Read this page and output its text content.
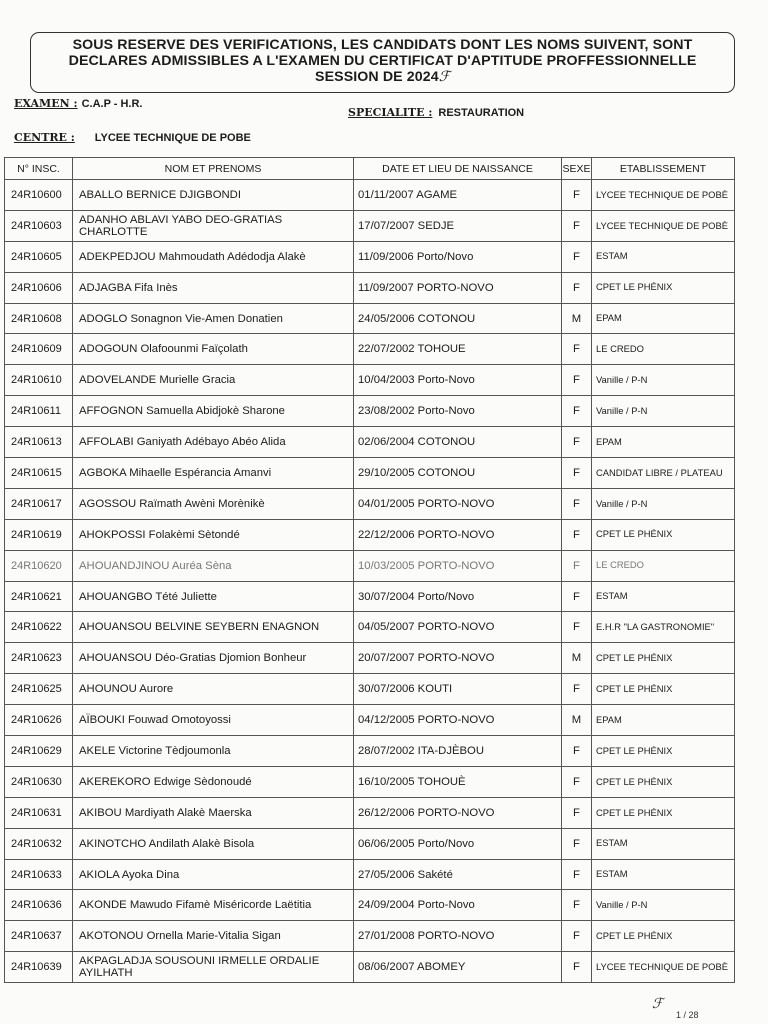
SOUS RESERVE DES VERIFICATIONS, LES CANDIDATS DONT LES NOMS SUIVENT, SONT
DECLARES ADMISSIBLES A L'EXAMEN DU CERTIFICAT D'APTITUDE PROFFESSIONNELLE
SESSION DE 2024ℱ
EXAMEN : C.A.P - H.R.
SPECIALITE : RESTAURATION
CENTRE : LYCEE TECHNIQUE DE POBE
N° INSC.	NOM ET PRENOMS	DATE ET LIEU DE NAISSANCE	SEXE	ETABLISSEMENT
24R10600	ABALLO BERNICE DJIGBONDI	01/11/2007 AGAME	F	LYCEE TECHNIQUE DE POBÈ
24R10603	ADANHO ABLAVI YABO DEO-GRATIAS CHARLOTTE	17/07/2007 SEDJE	F	LYCEE TECHNIQUE DE POBÈ
24R10605	ADEKPEDJOU Mahmoudath Adédodja Alakè	11/09/2006 Porto/Novo	F	ESTAM
24R10606	ADJAGBA Fifa Inès	11/09/2007 PORTO-NOVO	F	CPET LE PHÉNIX
24R10608	ADOGLO Sonagnon Vie-Amen Donatien	24/05/2006 COTONOU	M	EPAM
24R10609	ADOGOUN Olafoounmi Faïçolath	22/07/2002 TOHOUE	F	LE CREDO
24R10610	ADOVELANDE Murielle Gracia	10/04/2003 Porto-Novo	F	Vanille / P-N
24R10611	AFFOGNON Samuella Abidjokè Sharone	23/08/2002 Porto-Novo	F	Vanille / P-N
24R10613	AFFOLABI Ganiyath Adébayo Abéo Alida	02/06/2004 COTONOU	F	EPAM
24R10615	AGBOKA Mihaelle Espérancia Amanvi	29/10/2005 COTONOU	F	CANDIDAT LIBRE / PLATEAU
24R10617	AGOSSOU Raïmath Awèni Morènikè	04/01/2005 PORTO-NOVO	F	Vanille / P-N
24R10619	AHOKPOSSI Folakèmi Sètondé	22/12/2006 PORTO-NOVO	F	CPET LE PHÉNIX
24R10620	AHOUANDJINOU Auréa Sèna	10/03/2005 PORTO-NOVO	F	LE CREDO
24R10621	AHOUANGBO Tété Juliette	30/07/2004 Porto/Novo	F	ESTAM
24R10622	AHOUANSOU BELVINE SEYBERN ENAGNON	04/05/2007 PORTO-NOVO	F	E.H.R "LA GASTRONOMIE"
24R10623	AHOUANSOU Déo-Gratias Djomion Bonheur	20/07/2007 PORTO-NOVO	M	CPET LE PHÉNIX
24R10625	AHOUNOU Aurore	30/07/2006 KOUTI	F	CPET LE PHÉNIX
24R10626	AÏBOUKI Fouwad Omotoyossi	04/12/2005 PORTO-NOVO	M	EPAM
24R10629	AKELE Victorine Tèdjoumonla	28/07/2002 ITA-DJÈBOU	F	CPET LE PHÉNIX
24R10630	AKEREKORO Edwige Sèdonoudé	16/10/2005 TOHOUÈ	F	CPET LE PHÉNIX
24R10631	AKIBOU Mardiyath Alakè Maerska	26/12/2006 PORTO-NOVO	F	CPET LE PHÉNIX
24R10632	AKINOTCHO Andilath Alakè Bisola	06/06/2005 Porto/Novo	F	ESTAM
24R10633	AKIOLA Ayoka Dina	27/05/2006 Sakété	F	ESTAM
24R10636	AKONDE Mawudo Fifamè Miséricorde Laëtitia	24/09/2004 Porto-Novo	F	Vanille / P-N
24R10637	AKOTONOU Ornella Marie-Vitalia Sigan	27/01/2008 PORTO-NOVO	F	CPET LE PHÉNIX
24R10639	AKPAGLADJA SOUSOUNI IRMELLE ORDALIE AYILHATH	08/06/2007 ABOMEY	F	LYCEE TECHNIQUE DE POBÈ
ℱ
1 / 28
